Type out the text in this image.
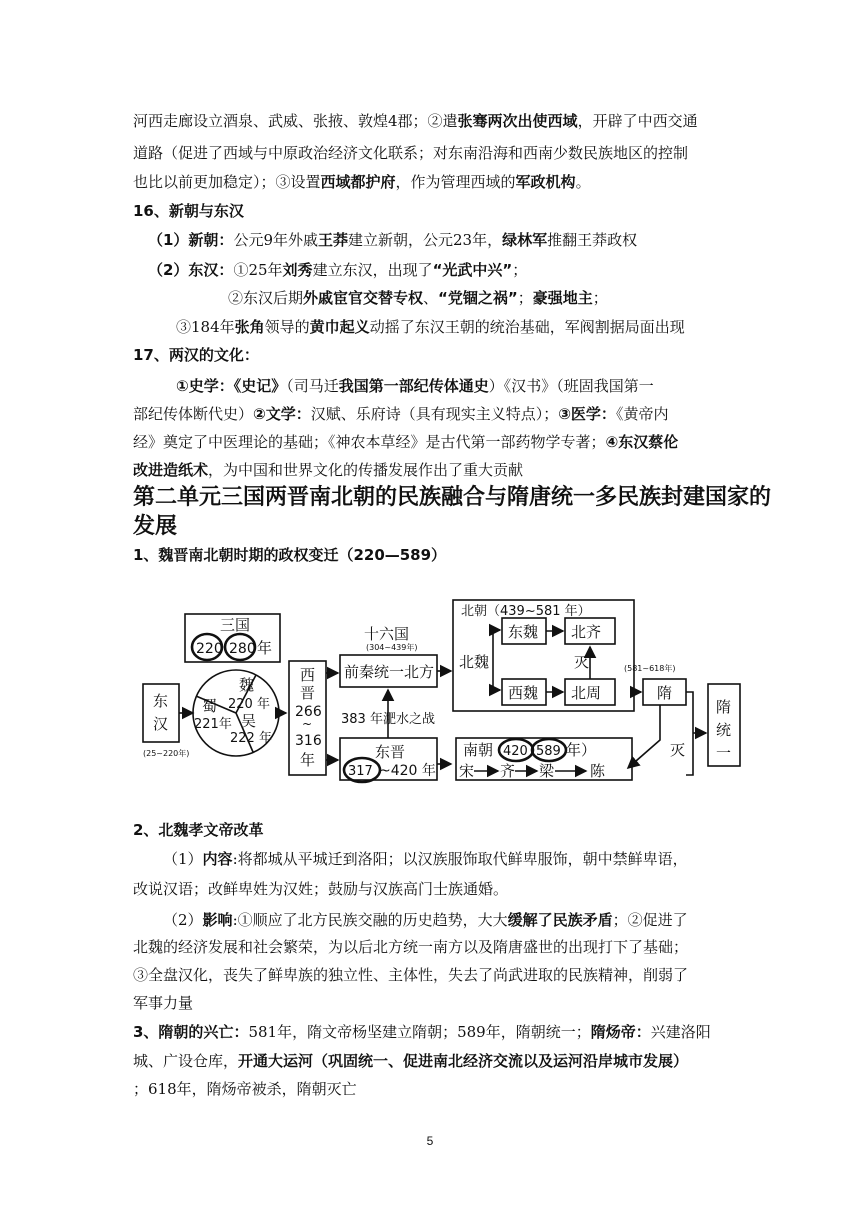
河西走廊设立酒泉、武威、张掖、敦煌4郡；②遣张骞两次出使西域，开辟了中西交通
道路（促进了西域与中原政治经济文化联系；对东南沿海和西南少数民族地区的控制
也比以前更加稳定）；③设置西域都护府，作为管理西域的军政机构。
16、新朝与东汉
（1）新朝：公元9年外戚王莽建立新朝，公元23年，绿林军推翻王莽政权
（2）东汉：①25年刘秀建立东汉，出现了“光武中兴”；
②东汉后期外戚宦官交替专权、“党锢之祸”；豪强地主；
③184年张角领导的黄巾起义动摇了东汉王朝的统治基础，军阀割据局面出现
17、两汉的文化：
①史学：《史记》（司马迁我国第一部纪传体通史）《汉书》（班固我国第一
部纪传体断代史）②文学：汉赋、乐府诗（具有现实主义特点）；③医学：《黄帝内
经》奠定了中医理论的基础；《神农本草经》是古代第一部药物学专著；④东汉蔡伦
改进造纸术，为中国和世界文化的传播发展作出了重大贡献
第二单元三国两晋南北朝的民族融合与隋唐统一多民族封建国家的
发展
1、魏晋南北朝时期的政权变迁（220—589）
三国
220 280 年
东
汉
(25~220年)
魏
220 年
蜀
221年 吴
222 年
西
晋
266
~
316
年
十六国
(304~439年)
前秦统一北方
383 年淝水之战
东晋
317 ~420 年
北朝（439~581 年）
北魏
东魏
西魏
北齐
北周
灭
南朝 420 589 年）
宋 齐 梁 陈
(581~618年)
隋
灭
隋
统
一
2、北魏孝文帝改革
（1）内容:将都城从平城迁到洛阳；以汉族服饰取代鲜卑服饰，朝中禁鲜卑语，
改说汉语；改鲜卑姓为汉姓；鼓励与汉族高门士族通婚。
（2）影响:①顺应了北方民族交融的历史趋势，大大缓解了民族矛盾；②促进了
北魏的经济发展和社会繁荣，为以后北方统一南方以及隋唐盛世的出现打下了基础；
③全盘汉化，丧失了鲜卑族的独立性、主体性，失去了尚武进取的民族精神，削弱了
军事力量
3、隋朝的兴亡：581年，隋文帝杨坚建立隋朝；589年，隋朝统一；隋炀帝：兴建洛阳
城、广设仓库，开通大运河（巩固统一、促进南北经济交流以及运河沿岸城市发展）
；618年，隋炀帝被杀，隋朝灭亡
5
